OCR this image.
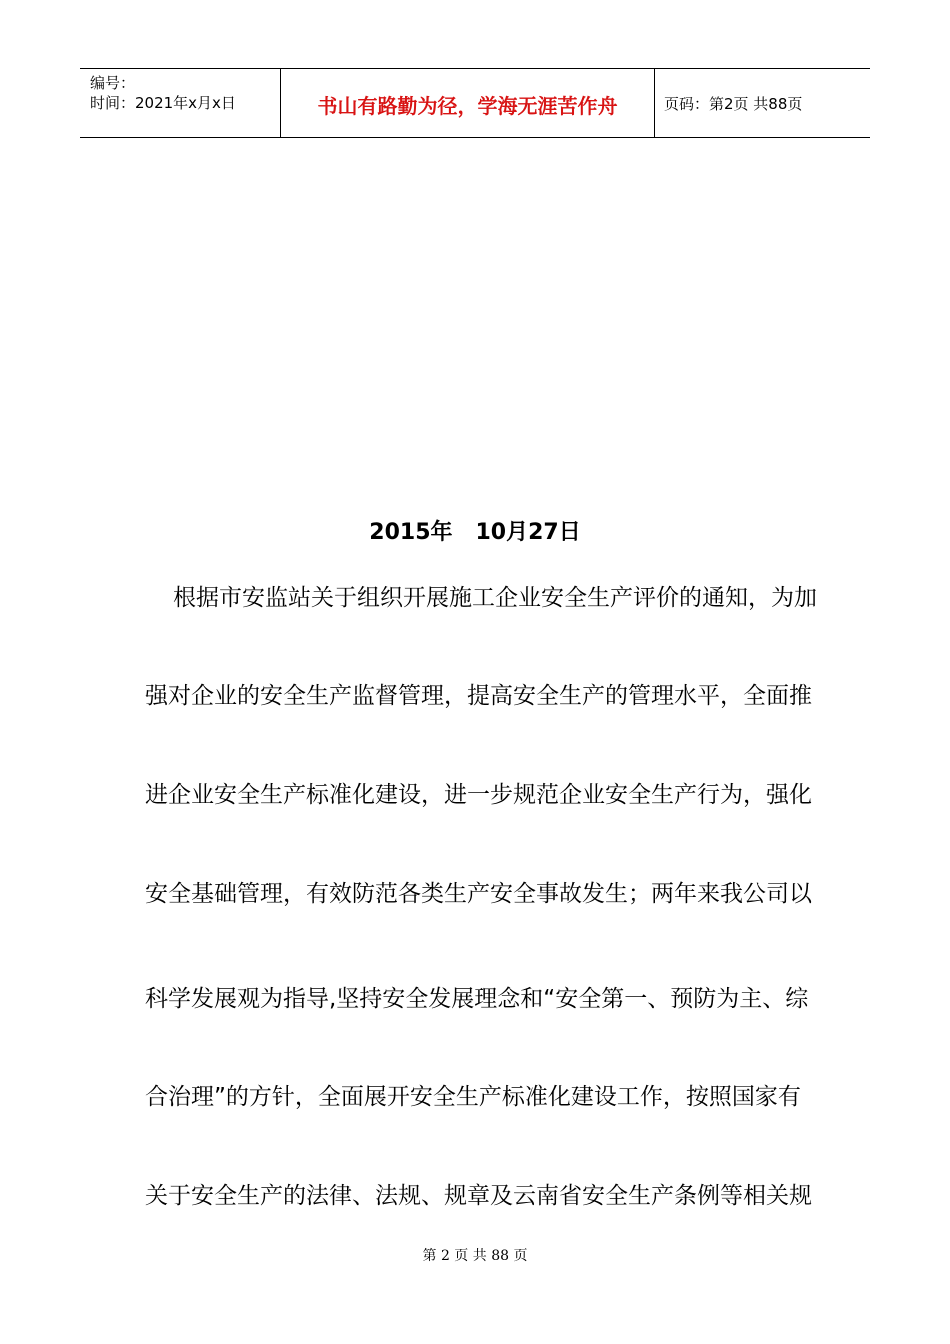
编号：
时间：2021年x月x日	书山有路勤为径，学海无涯苦作舟	页码：第2页 共88页
2015年   10月27日
根据市安监站关于组织开展施工企业安全生产评价的通知，为加
强对企业的安全生产监督管理，提高安全生产的管理水平，全面推
进企业安全生产标准化建设，进一步规范企业安全生产行为，强化
安全基础管理，有效防范各类生产安全事故发生；两年来我公司以
科学发展观为指导,坚持安全发展理念和“安全第一、预防为主、综
合治理”的方针，全面展开安全生产标准化建设工作，按照国家有
关于安全生产的法律、法规、规章及云南省安全生产条例等相关规
第 2 页 共 88 页
